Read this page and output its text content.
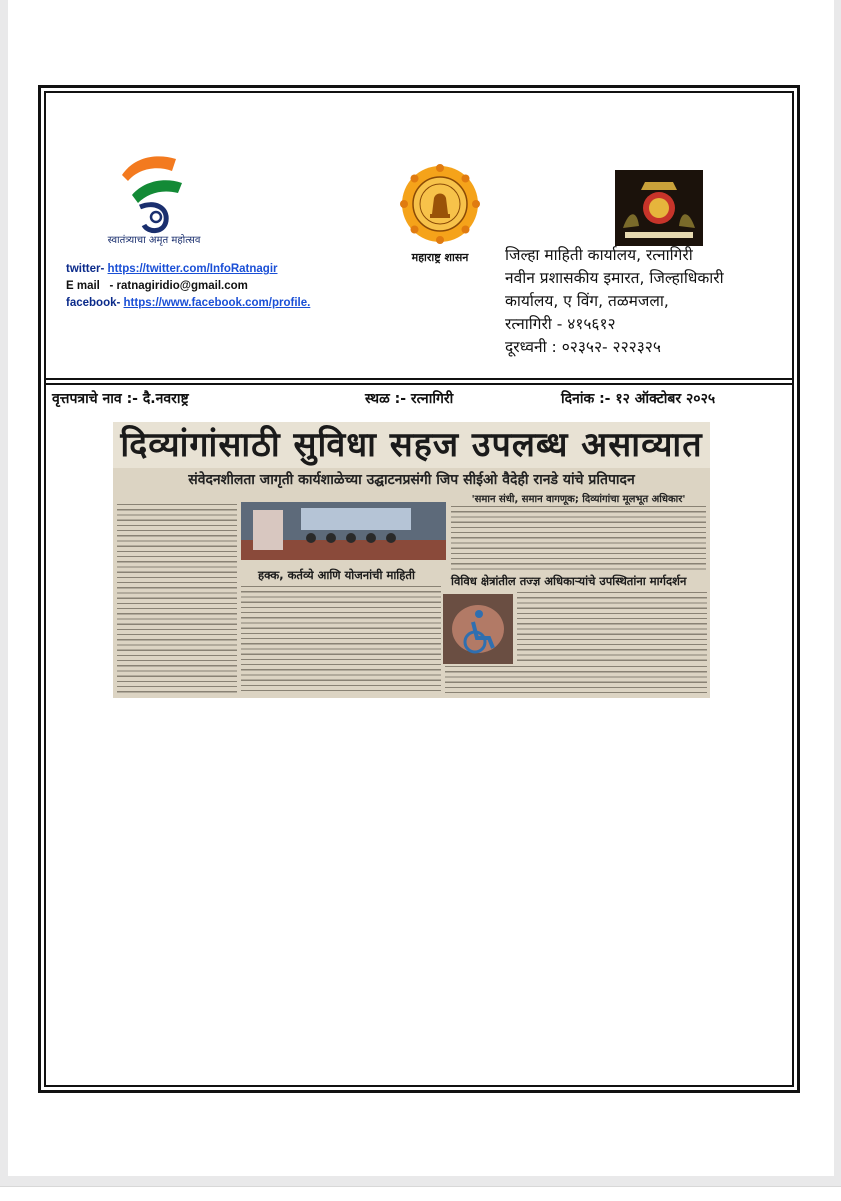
स्वातंत्र्याचा अमृत महोत्सव
twitter- https://twitter.com/InfoRatnagir
E mail - ratnagiridio@gmail.com
facebook- https://www.facebook.com/profile.
महाराष्ट्र शासन	जिल्हा माहिती कार्यालय, रत्नागिरी
नवीन प्रशासकीय इमारत, जिल्हाधिकारी
कार्यालय, ए विंग, तळमजला,
रत्नागिरी - ४१५६१२
दूरध्वनी : ०२३५२- २२२३२५
वृत्तपत्राचे नाव :- दै.नवराष्ट्र	स्थळ :- रत्नागिरी	दिनांक :- १२ ऑक्टोबर २०२५
दिव्यांगांसाठी सुविधा सहज उपलब्ध असाव्यात
संवेदनशीलता जागृती कार्यशाळेच्या उद्घाटनप्रसंगी जिप सीईओ वैदेही रानडे यांचे प्रतिपादन
'समान संधी, समान वागणूक; दिव्यांगांचा मूलभूत अधिकार'
हक्क, कर्तव्ये आणि योजनांची माहिती	विविध क्षेत्रांतील तज्ज्ञ अधिकाऱ्यांचे उपस्थितांना मार्गदर्शन
